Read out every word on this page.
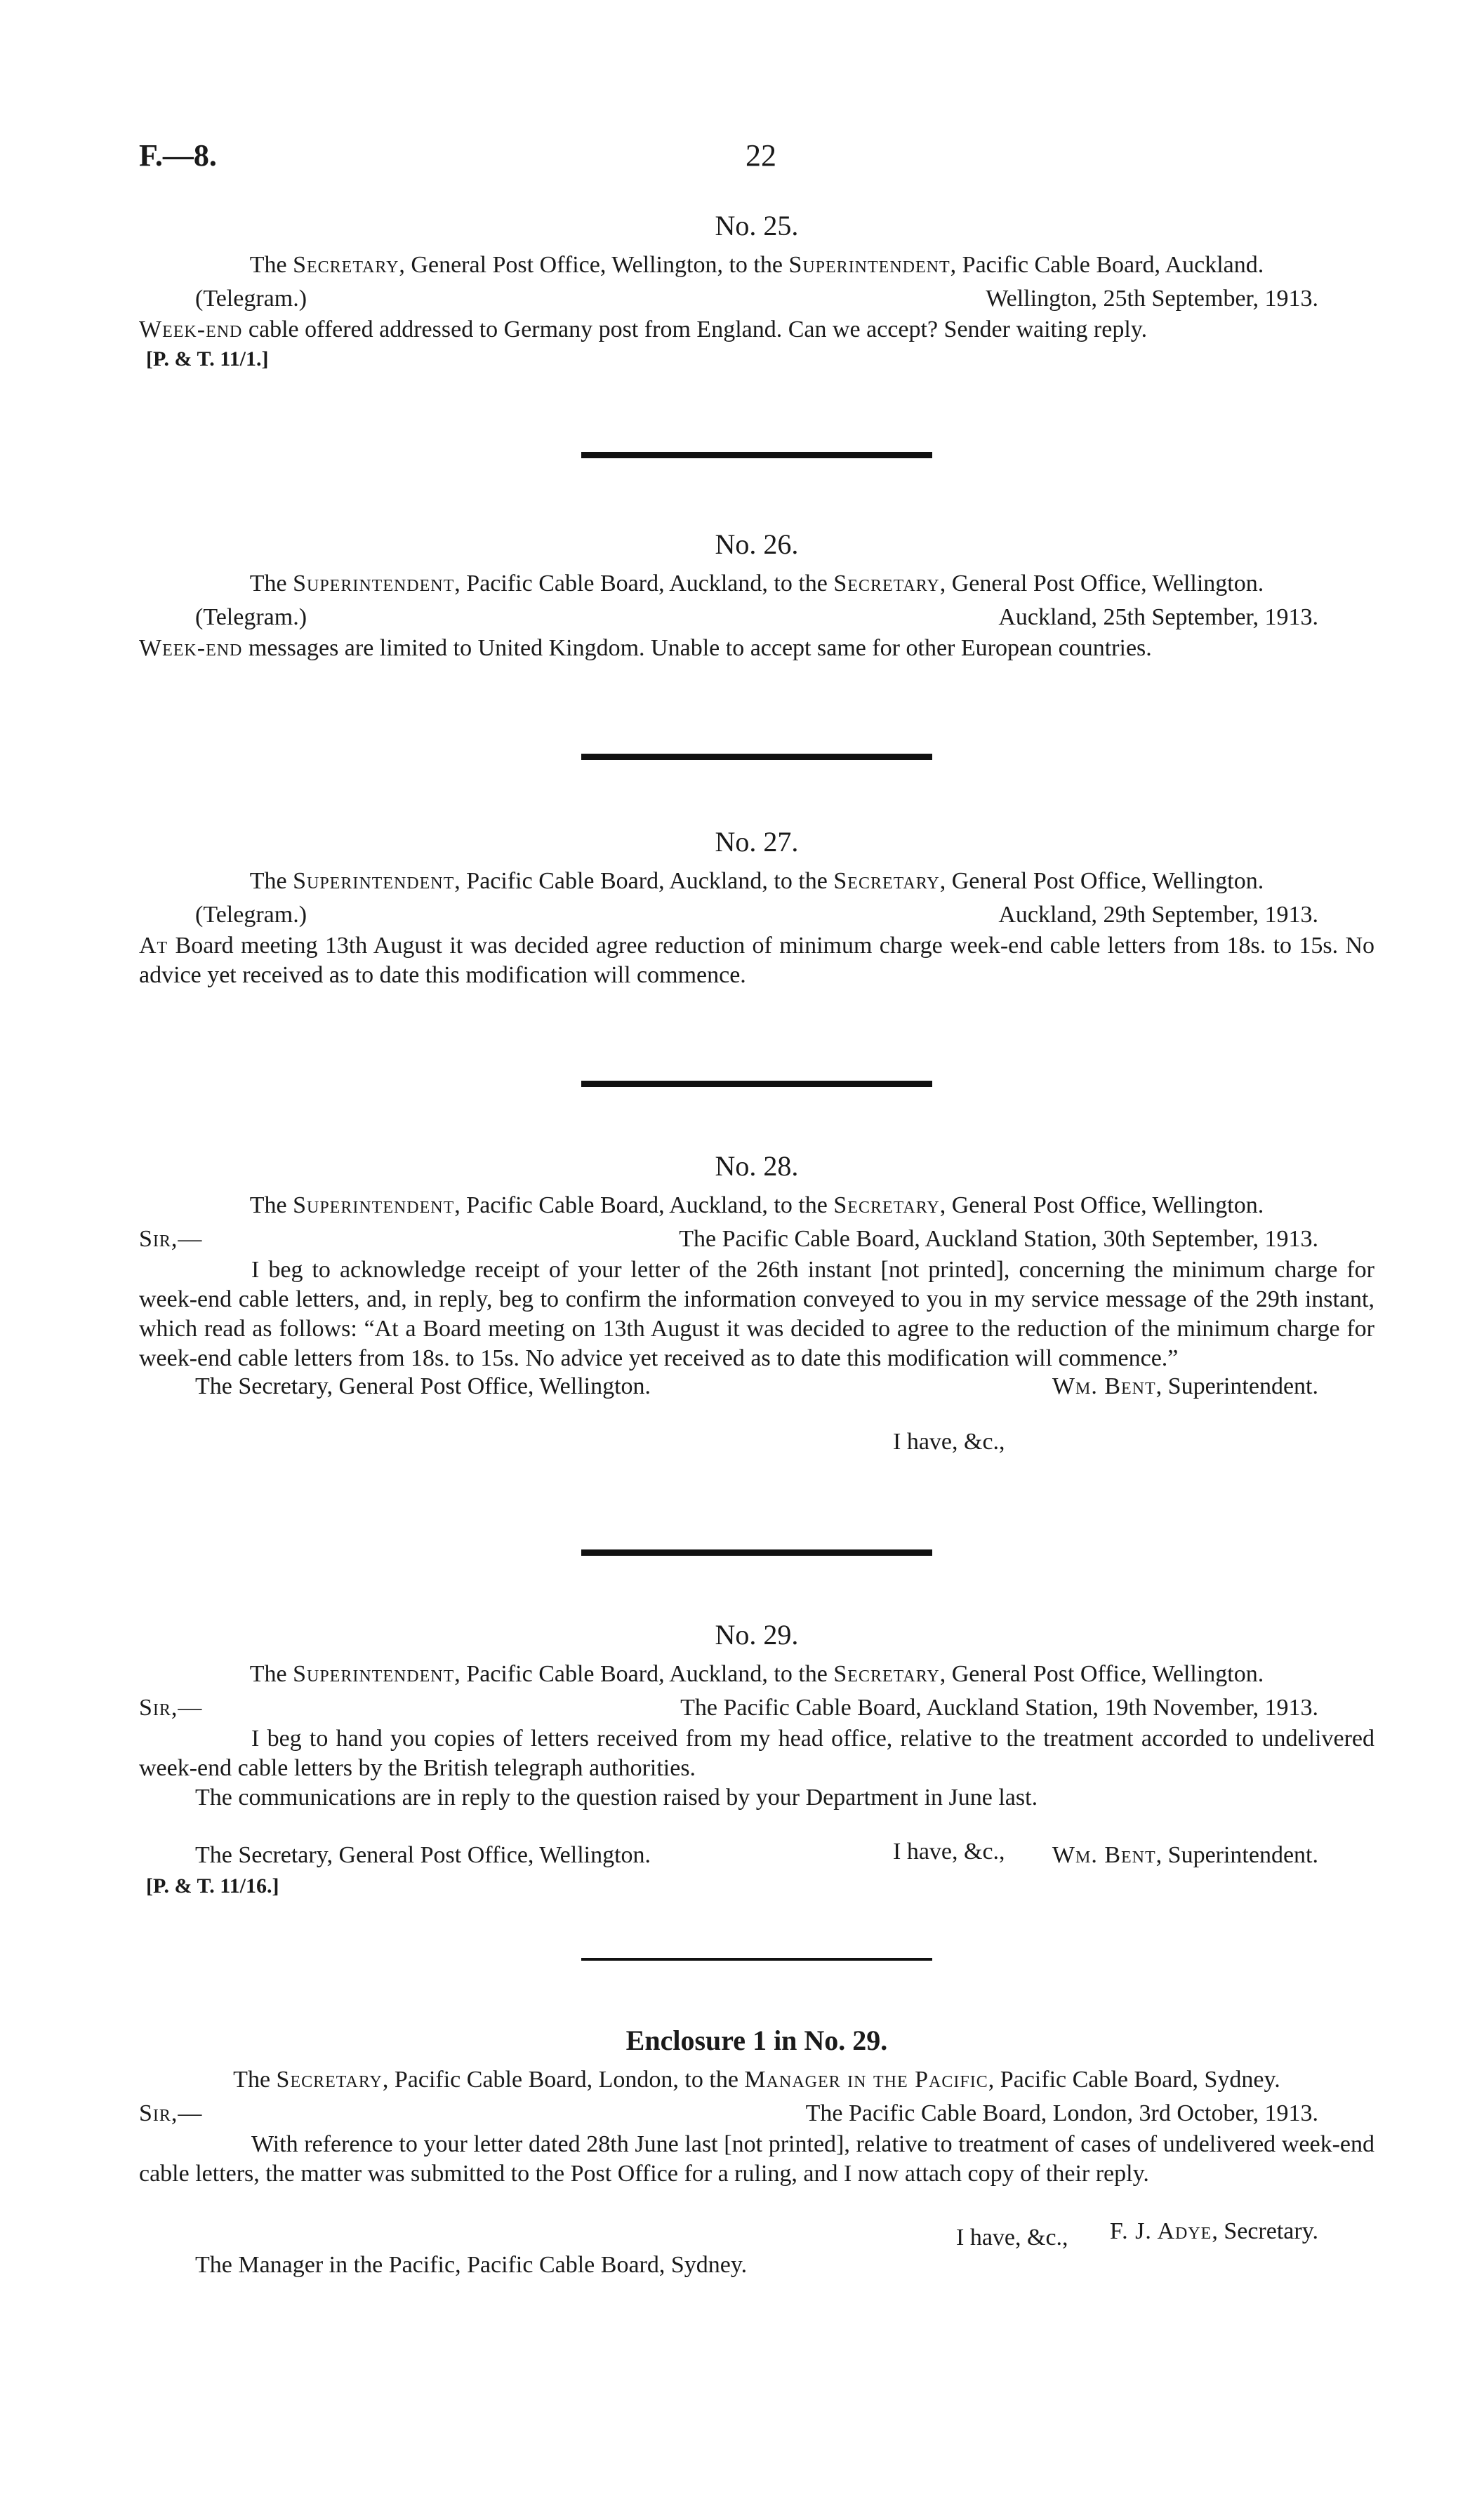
F.—8.	22
No. 25.

The Secretary, General Post Office, Wellington, to the Superintendent, Pacific Cable Board, Auckland.

(Telegram.)	Wellington, 25th September, 1913.

Week-end cable offered addressed to Germany post from England. Can we accept? Sender waiting reply.

[P. & T. 11/1.]
No. 26.

The Superintendent, Pacific Cable Board, Auckland, to the Secretary, General Post Office, Wellington.

(Telegram.)	Auckland, 25th September, 1913.

Week-end messages are limited to United Kingdom. Unable to accept same for other European countries.

No. 27.

The Superintendent, Pacific Cable Board, Auckland, to the Secretary, General Post Office, Wellington.

(Telegram.)	Auckland, 29th September, 1913.

At Board meeting 13th August it was decided agree reduction of minimum charge week-end cable letters from 18s. to 15s. No advice yet received as to date this modification will commence.

No. 28.

The Superintendent, Pacific Cable Board, Auckland, to the Secretary, General Post Office, Wellington.

Sir,—	The Pacific Cable Board, Auckland Station, 30th September, 1913.

I beg to acknowledge receipt of your letter of the 26th instant [not printed], concerning the minimum charge for week-end cable letters, and, in reply, beg to confirm the information conveyed to you in my service message of the 29th instant, which read as follows: “At a Board meeting on 13th August it was decided to agree to the reduction of the minimum charge for week-end cable letters from 18s. to 15s. No advice yet received as to date this modification will commence.”

The Secretary, General Post Office, Wellington.	Wm. Bent, Superintendent.
I have, &c.,
No. 29.

The Superintendent, Pacific Cable Board, Auckland, to the Secretary, General Post Office, Wellington.

Sir,—	The Pacific Cable Board, Auckland Station, 19th November, 1913.

I beg to hand you copies of letters received from my head office, relative to the treatment accorded to undelivered week-end cable letters by the British telegraph authorities.

The communications are in reply to the question raised by your Department in June last.

The Secretary, General Post Office, Wellington.	Wm. Bent, Superintendent.
[P. & T. 11/16.]
I have, &c.,
Enclosure 1 in No. 29.

The Secretary, Pacific Cable Board, London, to the Manager in the Pacific, Pacific Cable Board, Sydney.

Sir,—	The Pacific Cable Board, London, 3rd October, 1913.

With reference to your letter dated 28th June last [not printed], relative to treatment of cases of undelivered week-end cable letters, the matter was submitted to the Post Office for a ruling, and I now attach copy of their reply.

F. J. Adye, Secretary.
The Manager in the Pacific, Pacific Cable Board, Sydney.
I have, &c.,
